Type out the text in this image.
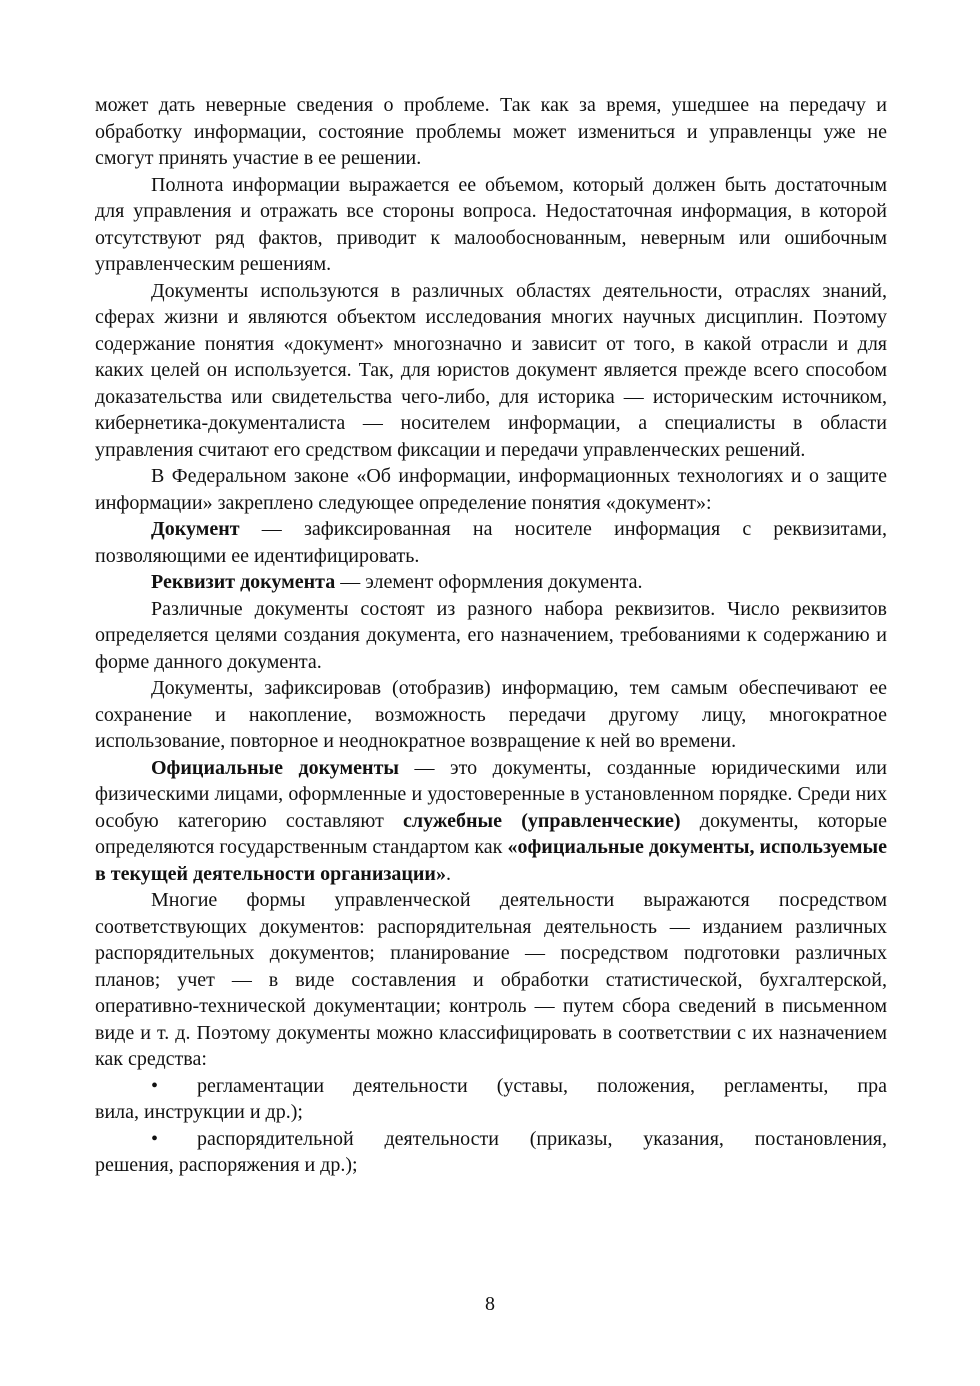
может дать неверные сведения о проблеме. Так как за время, ушедшее на передачу и обработку информации, состояние проблемы может измениться и управленцы уже не смогут принять участие в ее решении.

Полнота информации выражается ее объемом, который должен быть достаточным для управления и отражать все стороны вопроса. Недостаточная информация, в которой отсутствуют ряд фактов, приводит к малообоснованным, неверным или ошибочным управленческим решениям.

Документы используются в различных областях деятельности, отраслях знаний, сферах жизни и являются объектом исследования многих научных дисциплин. Поэтому содержание понятия «документ» многозначно и зависит от того, в какой отрасли и для каких целей он используется. Так, для юристов документ является прежде всего способом доказательства или свидетельства чего-либо, для историка — историческим источником, кибернетика-документалиста — носителем информации, а специалисты в области управления считают его средством фиксации и передачи управленческих решений.

В Федеральном законе «Об информации, информационных технологиях и о защите информации» закреплено следующее определение понятия «документ»:

Документ — зафиксированная на носителе информация с реквизитами, позволяющими ее идентифицировать.

Реквизит документа — элемент оформления документа.

Различные документы состоят из разного набора реквизитов. Число реквизитов определяется целями создания документа, его назначением, требованиями к содержанию и форме данного документа.

Документы, зафиксировав (отобразив) информацию, тем самым обеспечивают ее сохранение и накопление, возможность передачи другому лицу, многократное использование, повторное и неоднократное возвращение к ней во времени.

Официальные документы — это документы, созданные юридическими или физическими лицами, оформленные и удостоверенные в установленном порядке. Среди них особую категорию составляют служебные (управленческие) документы, которые определяются государственным стандартом как «официальные документы, используемые в текущей деятельности организации».

Многие формы управленческой деятельности выражаются посредством соответствующих документов: распорядительная деятельность — изданием различных распорядительных документов; планирование — посредством подготовки различных планов; учет — в виде составления и обработки статистической, бухгалтерской, оперативно-технической документации; контроль — путем сбора сведений в письменном виде и т. д. Поэтому документы можно классифицировать в соответствии с их назначением как средства:

•	регламентации деятельности (уставы, положения, регламенты, пра

вила, инструкции и др.);

•	распорядительной деятельности (приказы, указания, постановления,

решения, распоряжения и др.);

8
